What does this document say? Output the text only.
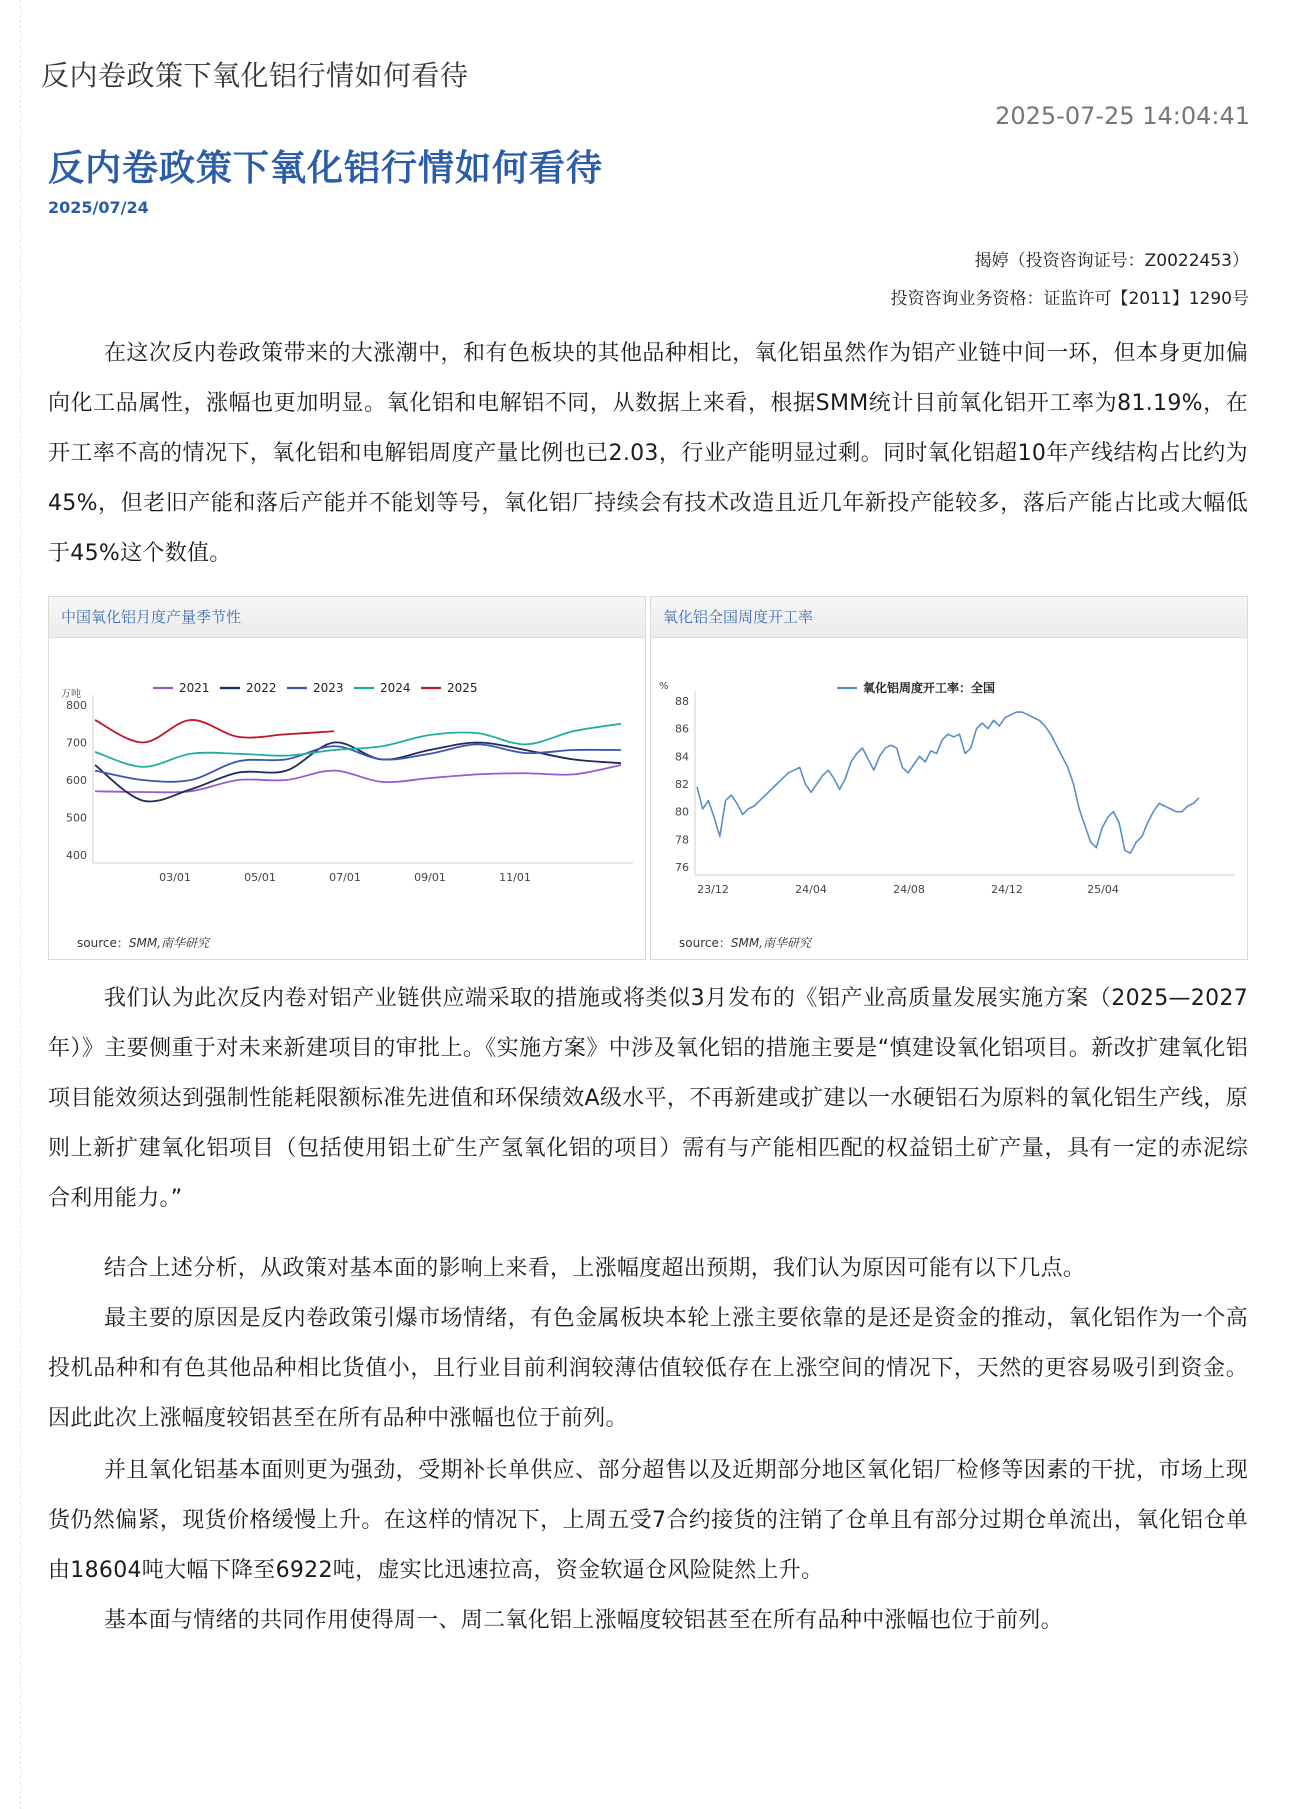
反内卷政策下氧化铝行情如何看待
2025-07-25 14:04:41
反内卷政策下氧化铝行情如何看待
2025/07/24
揭婷（投资咨询证号：Z0022453）
投资咨询业务资格：证监许可【2011】1290号

在这次反内卷政策带来的大涨潮中，和有色板块的其他品种相比，氧化铝虽然作为铝产业链中间一环，但本身更加偏向化工品属性，涨幅也更加明显。氧化铝和电解铝不同，从数据上来看，根据SMM统计目前氧化铝开工率为81.19%，在开工率不高的情况下，氧化铝和电解铝周度产量比例也已2.03，行业产能明显过剩。同时氧化铝超10年产线结构占比约为45%，但老旧产能和落后产能并不能划等号，氧化铝厂持续会有技术改造且近几年新投产能较多，落后产能占比或大幅低于45%这个数值。

中国氧化铝月度产量季节性
400
500
600
700
800
万吨
03/01	05/01	07/01	09/01	11/01
2021	2022	2023	2024	2025
source：SMM,南华研究
氧化铝全国周度开工率
76
78
80
82
84
86
88
%
23/12	24/04	24/08	24/12	25/04
氧化铝周度开工率：全国
source：SMM,南华研究

我们认为此次反内卷对铝产业链供应端采取的措施或将类似3月发布的《铝产业高质量发展实施方案（2025—2027年）》主要侧重于对未来新建项目的审批上。《实施方案》中涉及氧化铝的措施主要是“慎建设氧化铝项目。新改扩建氧化铝项目能效须达到强制性能耗限额标准先进值和环保绩效A级水平，不再新建或扩建以一水硬铝石为原料的氧化铝生产线，原则上新扩建氧化铝项目（包括使用铝土矿生产氢氧化铝的项目）需有与产能相匹配的权益铝土矿产量，具有一定的赤泥综合利用能力。”

结合上述分析，从政策对基本面的影响上来看，上涨幅度超出预期，我们认为原因可能有以下几点。

最主要的原因是反内卷政策引爆市场情绪，有色金属板块本轮上涨主要依靠的是还是资金的推动，氧化铝作为一个高投机品种和有色其他品种相比货值小，且行业目前利润较薄估值较低存在上涨空间的情况下，天然的更容易吸引到资金。因此此次上涨幅度较铝甚至在所有品种中涨幅也位于前列。

并且氧化铝基本面则更为强劲，受期补长单供应、部分超售以及近期部分地区氧化铝厂检修等因素的干扰，市场上现货仍然偏紧，现货价格缓慢上升。在这样的情况下，上周五受7合约接货的注销了仓单且有部分过期仓单流出，氧化铝仓单由18604吨大幅下降至6922吨，虚实比迅速拉高，资金软逼仓风险陡然上升。

基本面与情绪的共同作用使得周一、周二氧化铝上涨幅度较铝甚至在所有品种中涨幅也位于前列。
